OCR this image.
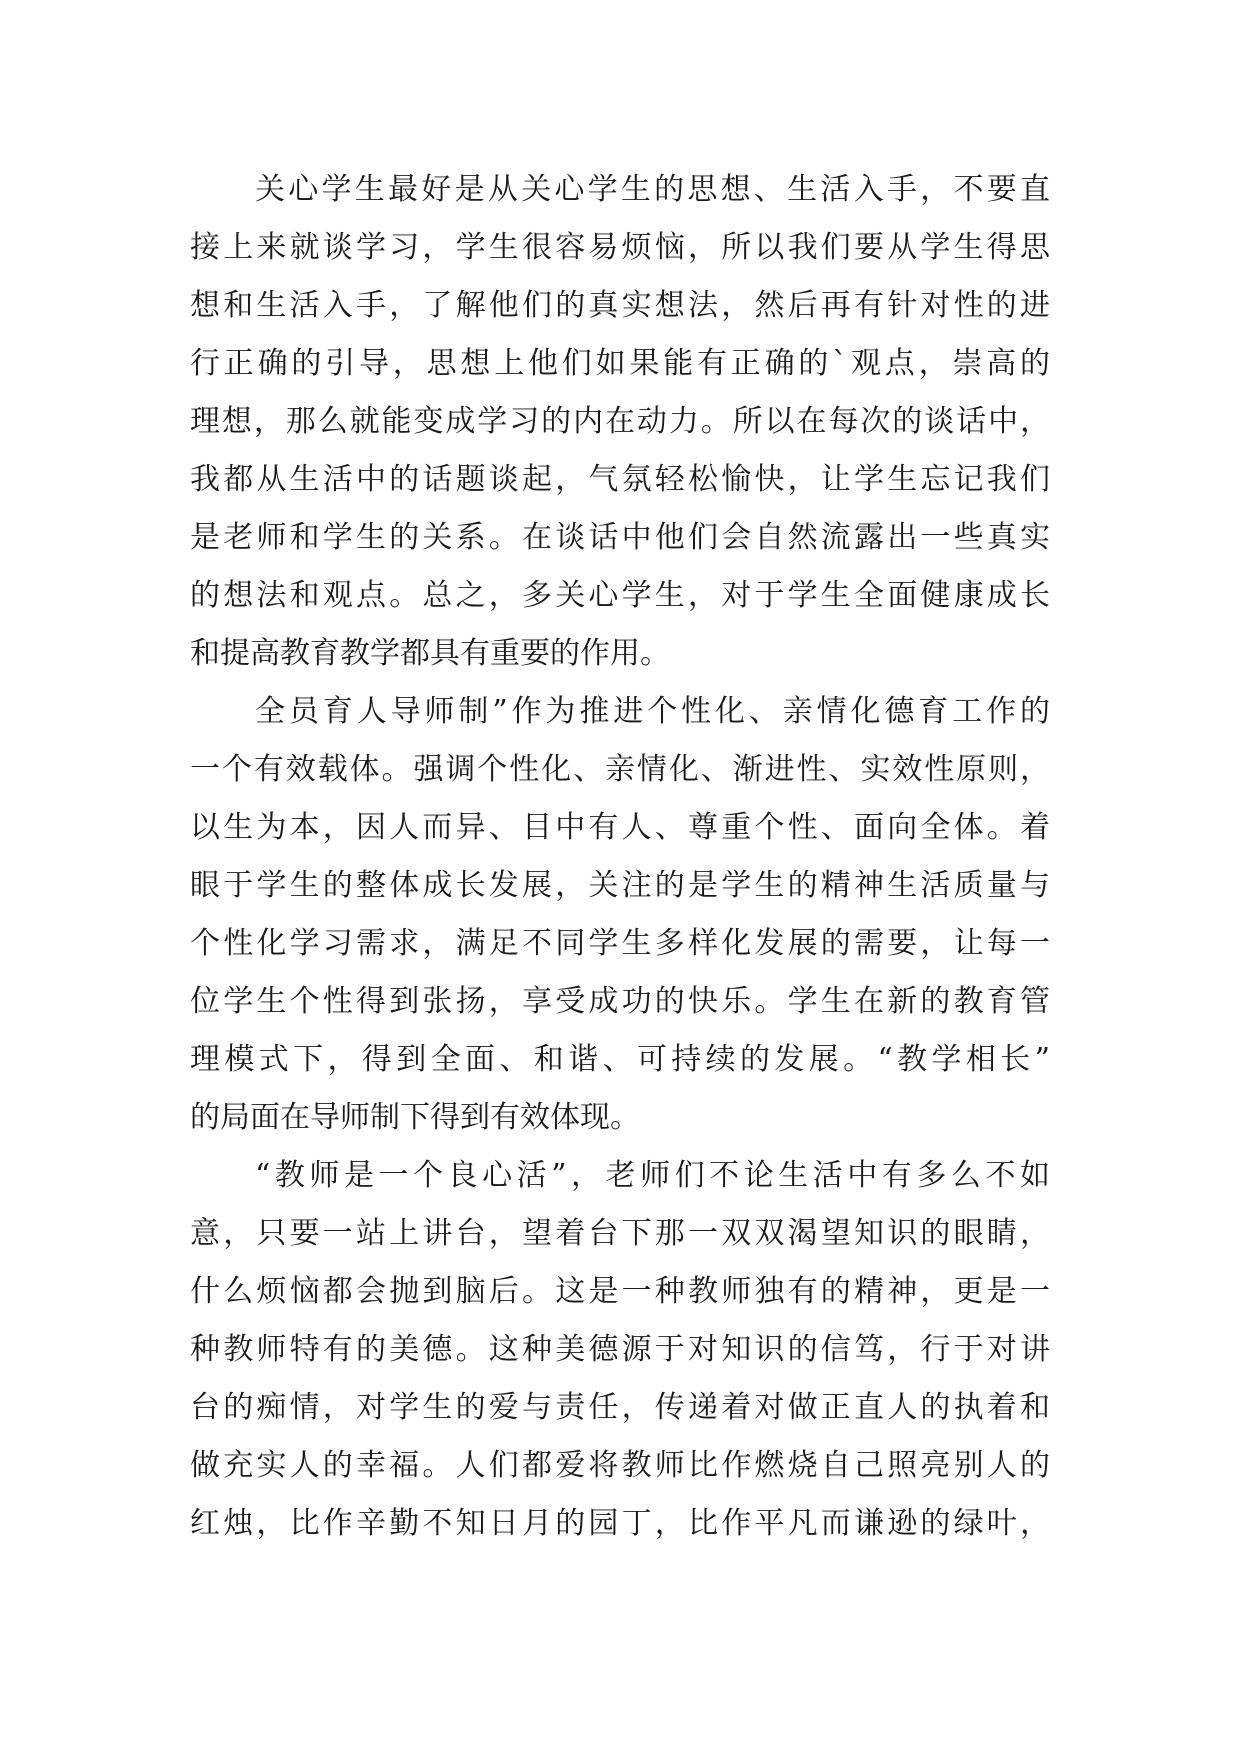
关心学生最好是从关心学生的思想、生活入手，不要直
接上来就谈学习，学生很容易烦恼，所以我们要从学生得思
想和生活入手，了解他们的真实想法，然后再有针对性的进
行正确的引导，思想上他们如果能有正确的`观点，崇高的
理想，那么就能变成学习的内在动力。所以在每次的谈话中，
我都从生活中的话题谈起，气氛轻松愉快，让学生忘记我们
是老师和学生的关系。在谈话中他们会自然流露出一些真实
的想法和观点。总之，多关心学生，对于学生全面健康成长
和提高教育教学都具有重要的作用。
全员育人导师制”作为推进个性化、亲情化德育工作的
一个有效载体。强调个性化、亲情化、渐进性、实效性原则，
以生为本，因人而异、目中有人、尊重个性、面向全体。着
眼于学生的整体成长发展，关注的是学生的精神生活质量与
个性化学习需求，满足不同学生多样化发展的需要，让每一
位学生个性得到张扬，享受成功的快乐。学生在新的教育管
理模式下，得到全面、和谐、可持续的发展。“教学相长”
的局面在导师制下得到有效体现。
“教师是一个良心活”，老师们不论生活中有多么不如
意，只要一站上讲台，望着台下那一双双渴望知识的眼睛，
什么烦恼都会抛到脑后。这是一种教师独有的精神，更是一
种教师特有的美德。这种美德源于对知识的信笃，行于对讲
台的痴情，对学生的爱与责任，传递着对做正直人的执着和
做充实人的幸福。人们都爱将教师比作燃烧自己照亮别人的
红烛，比作辛勤不知日月的园丁，比作平凡而谦逊的绿叶，
